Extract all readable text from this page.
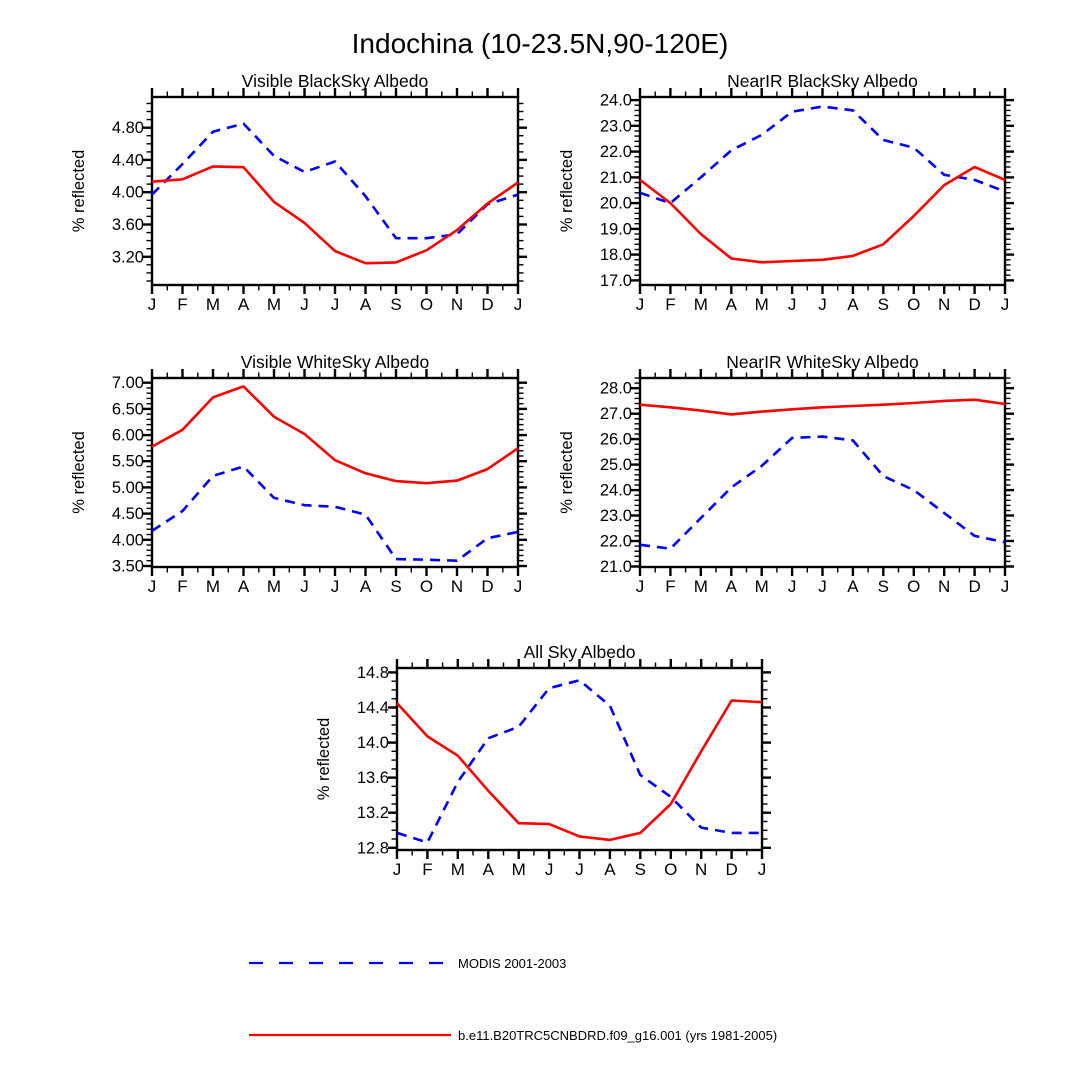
Indochina (10-23.5N,90-120E)
J F M A M J J A S O N D J
3.20
3.60
4.00
4.40
4.80
% reflected
Visible BlackSky Albedo
J F M A M J J A S O N D J
17.0
18.0
19.0
20.0
21.0
22.0
23.0
24.0
% reflected
NearIR BlackSky Albedo
J F M A M J J A S O N D J
3.50
4.00
4.50
5.00
5.50
6.00
6.50
7.00
% reflected
Visible WhiteSky Albedo
J F M A M J J A S O N D J
21.0
22.0
23.0
24.0
25.0
26.0
27.0
28.0
% reflected
NearIR WhiteSky Albedo
J F M A M J J A S O N D J
12.8
13.2
13.6
14.0
14.4
14.8
% reflected
All Sky Albedo
MODIS 2001-2003
b.e11.B20TRC5CNBDRD.f09_g16.001 (yrs 1981-2005)
